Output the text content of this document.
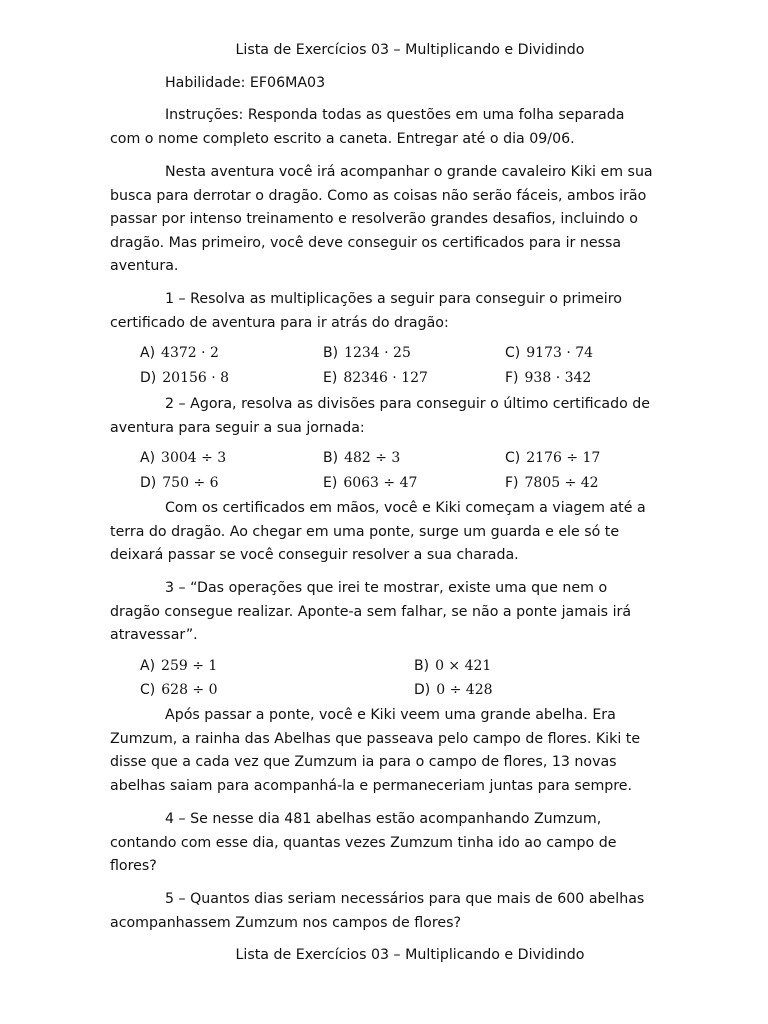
Lista de Exercícios 03 – Multiplicando e Dividindo

Habilidade: EF06MA03

Instruções: Responda todas as questões em uma folha separada com o nome completo escrito a caneta. Entregar até o dia 09/06.

Nesta aventura você irá acompanhar o grande cavaleiro Kiki em sua busca para derrotar o dragão. Como as coisas não serão fáceis, ambos irão passar por intenso treinamento e resolverão grandes desafios, incluindo o dragão. Mas primeiro, você deve conseguir os certificados para ir nessa aventura.

1 – Resolva as multiplicações a seguir para conseguir o primeiro certificado de aventura para ir atrás do dragão:

A) 4372 · 2	B) 1234 · 25	C) 9173 · 74
D) 20156 · 8	E) 82346 · 127	F) 938 · 342

2 – Agora, resolva as divisões para conseguir o último certificado de aventura para seguir a sua jornada:

A) 3004 ÷ 3	B) 482 ÷ 3	C) 2176 ÷ 17
D) 750 ÷ 6	E) 6063 ÷ 47	F) 7805 ÷ 42

Com os certificados em mãos, você e Kiki começam a viagem até a terra do dragão. Ao chegar em uma ponte, surge um guarda e ele só te deixará passar se você conseguir resolver a sua charada.

3 – “Das operações que irei te mostrar, existe uma que nem o dragão consegue realizar. Aponte-a sem falhar, se não a ponte jamais irá atravessar”.

A) 259 ÷ 1	B) 0 × 421
C) 628 ÷ 0	D) 0 ÷ 428

Após passar a ponte, você e Kiki veem uma grande abelha. Era Zumzum, a rainha das Abelhas que passeava pelo campo de flores. Kiki te disse que a cada vez que Zumzum ia para o campo de flores, 13 novas abelhas saiam para acompanhá-la e permaneceriam juntas para sempre.

4 – Se nesse dia 481 abelhas estão acompanhando Zumzum, contando com esse dia, quantas vezes Zumzum tinha ido ao campo de flores?

5 – Quantos dias seriam necessários para que mais de 600 abelhas acompanhassem Zumzum nos campos de flores?

Lista de Exercícios 03 – Multiplicando e Dividindo
